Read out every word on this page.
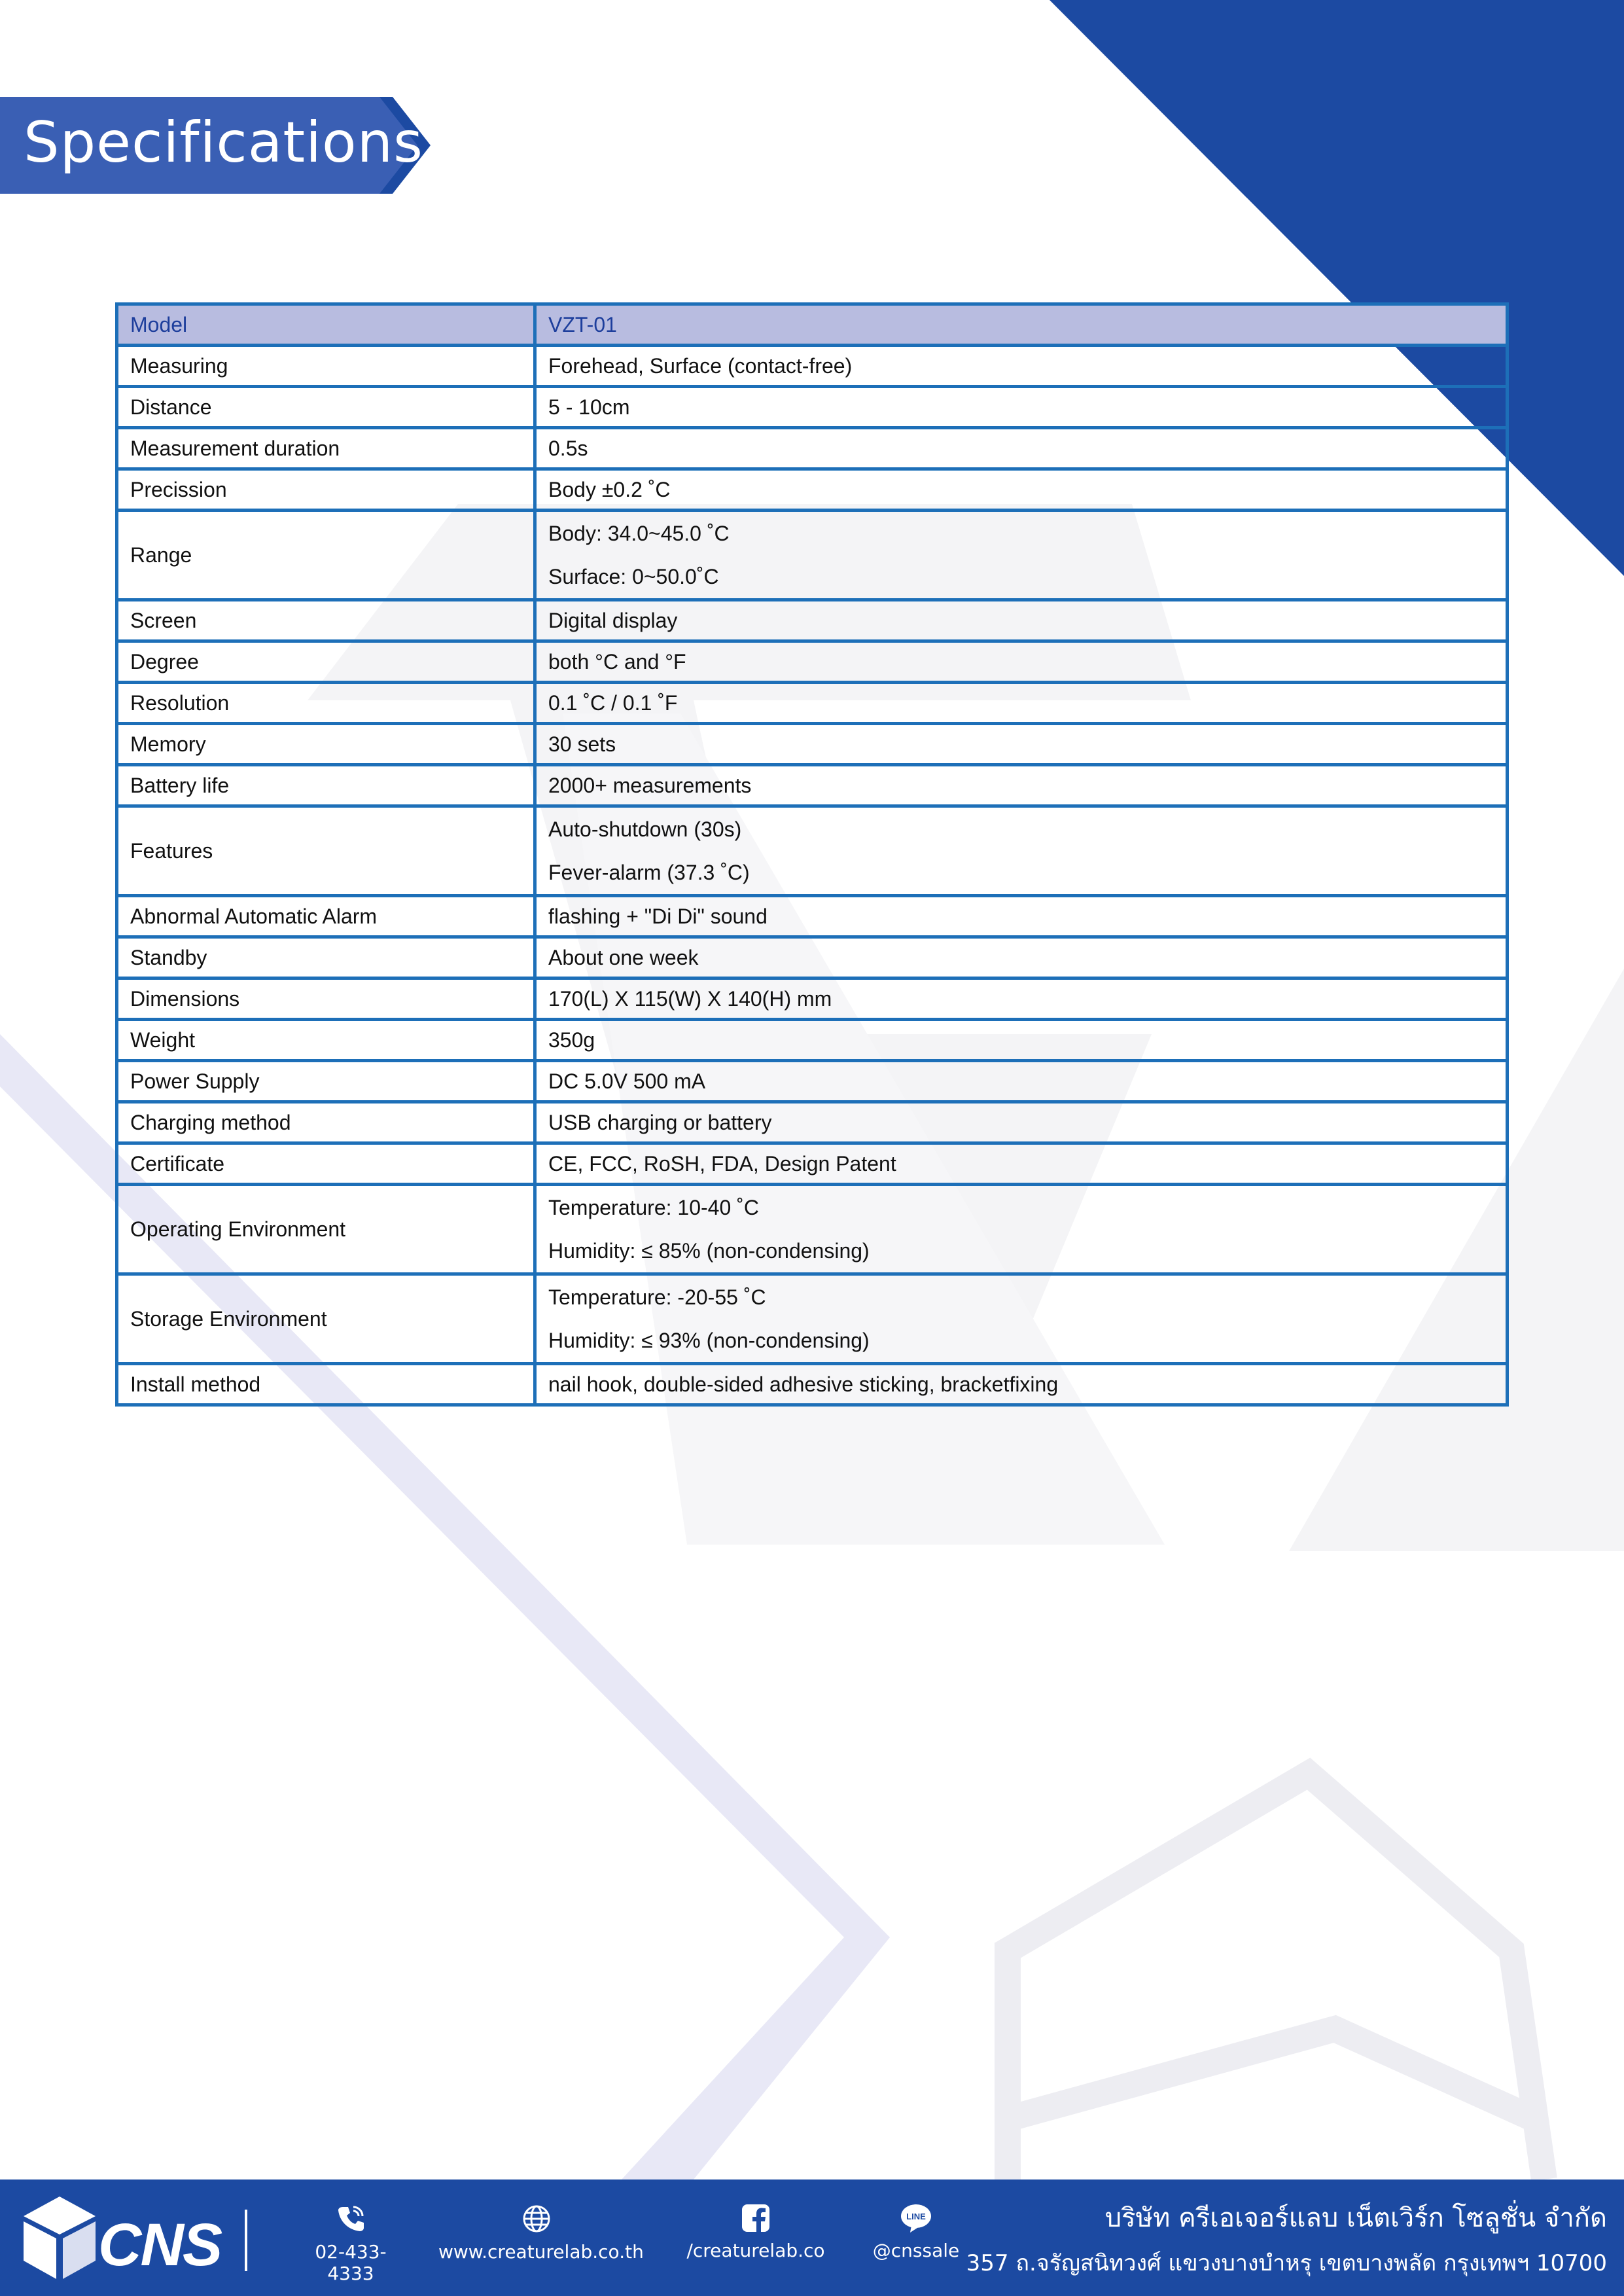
Specifications
Model	VZT-01
Measuring	Forehead, Surface (contact-free)

Distance	5 - 10cm

Measurement duration	0.5s

Precission	Body ±0.2 ˚C

Range	Body: 34.0~45.0 ˚C
Surface: 0~50.0˚C

Screen	Digital display

Degree	both °C and °F

Resolution	0.1 ˚C / 0.1 ˚F

Memory	30 sets

Battery life	2000+ measurements

Features	Auto-shutdown (30s)
Fever-alarm (37.3 ˚C)

Abnormal Automatic Alarm	flashing + "Di Di" sound

Standby	About one week

Dimensions	170(L) X 115(W) X 140(H) mm

Weight	350g

Power Supply	DC 5.0V 500 mA

Charging method	USB charging or battery

Certificate	CE, FCC, RoSH, FDA, Design Patent

Operating Environment	Temperature: 10-40 ˚C
Humidity: ≤ 85% (non-condensing)

Storage Environment	Temperature: -20-55 ˚C
Humidity: ≤ 93% (non-condensing)

Install method	nail hook, double-sided adhesive sticking, bracketfixing
CNS	02-433-4333
www.creaturelab.co.th	/creaturelab.co
LINE
@cnssale
บริษัท ครีเอเจอร์แลบ เน็ตเวิร์ก โซลูชั่น จำกัด
357 ถ.จรัญสนิทวงศ์ แขวงบางบำหรุ เขตบางพลัด กรุงเทพฯ 10700
